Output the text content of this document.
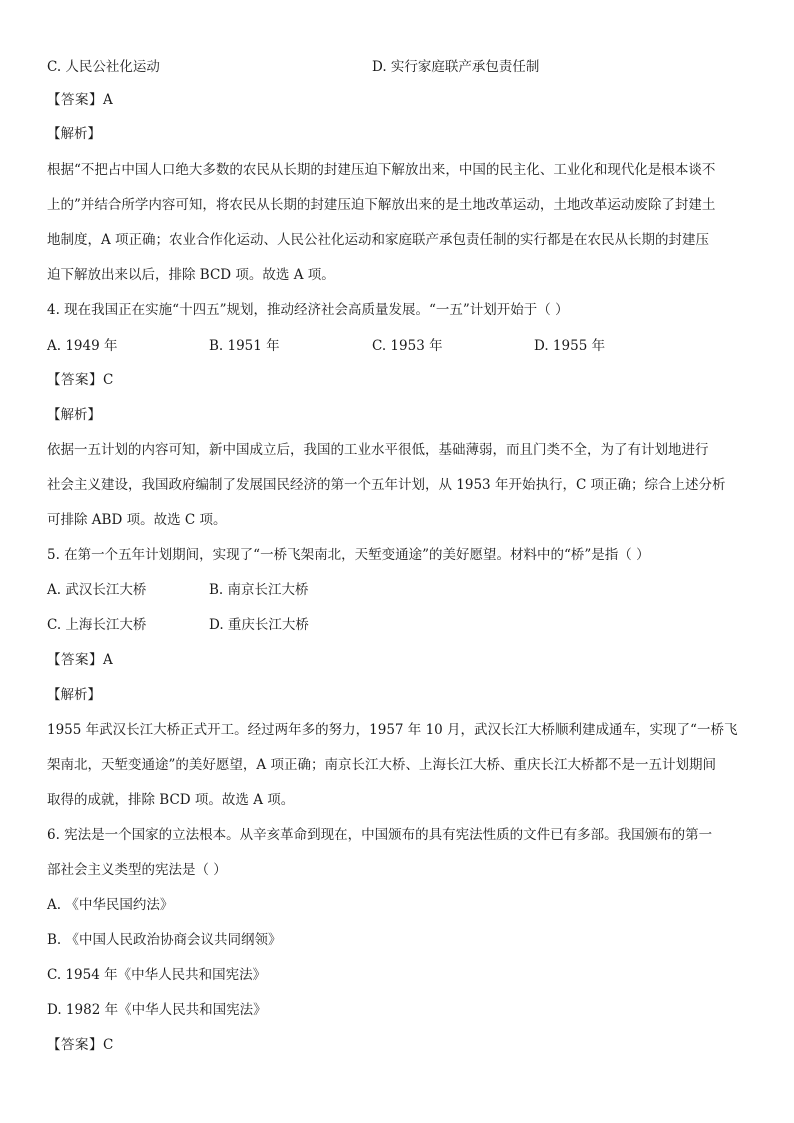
C. 人民公社化运动	D. 实行家庭联产承包责任制
【答案】A
【解析】
根据“不把占中国人口绝大多数的农民从长期的封建压迫下解放出来，中国的民主化、工业化和现代化是根本谈不
上的”并结合所学内容可知，将农民从长期的封建压迫下解放出来的是土地改革运动，土地改革运动废除了封建土
地制度，A 项正确；农业合作化运动、人民公社化运动和家庭联产承包责任制的实行都是在农民从长期的封建压
迫下解放出来以后，排除 BCD 项。故选 A 项。
4. 现在我国正在实施“十四五”规划，推动经济社会高质量发展。“一五”计划开始于（ ）
A. 1949 年	B. 1951 年	C. 1953 年	D. 1955 年
【答案】C
【解析】
依据一五计划的内容可知，新中国成立后，我国的工业水平很低，基础薄弱，而且门类不全，为了有计划地进行
社会主义建设，我国政府编制了发展国民经济的第一个五年计划，从 1953 年开始执行，C 项正确；综合上述分析
可排除 ABD 项。故选 C 项。
5. 在第一个五年计划期间，实现了“一桥飞架南北，天堑变通途”的美好愿望。材料中的“桥”是指（ ）
A. 武汉长江大桥	B. 南京长江大桥
C. 上海长江大桥	D. 重庆长江大桥
【答案】A
【解析】
1955 年武汉长江大桥正式开工。经过两年多的努力，1957 年 10 月，武汉长江大桥顺利建成通车，实现了“一桥飞
架南北，天堑变通途”的美好愿望，A 项正确；南京长江大桥、上海长江大桥、重庆长江大桥都不是一五计划期间
取得的成就，排除 BCD 项。故选 A 项。
6. 宪法是一个国家的立法根本。从辛亥革命到现在，中国颁布的具有宪法性质的文件已有多部。我国颁布的第一
部社会主义类型的宪法是（ ）
A. 《中华民国约法》
B. 《中国人民政治协商会议共同纲领》
C. 1954 年《中华人民共和国宪法》
D. 1982 年《中华人民共和国宪法》
【答案】C
